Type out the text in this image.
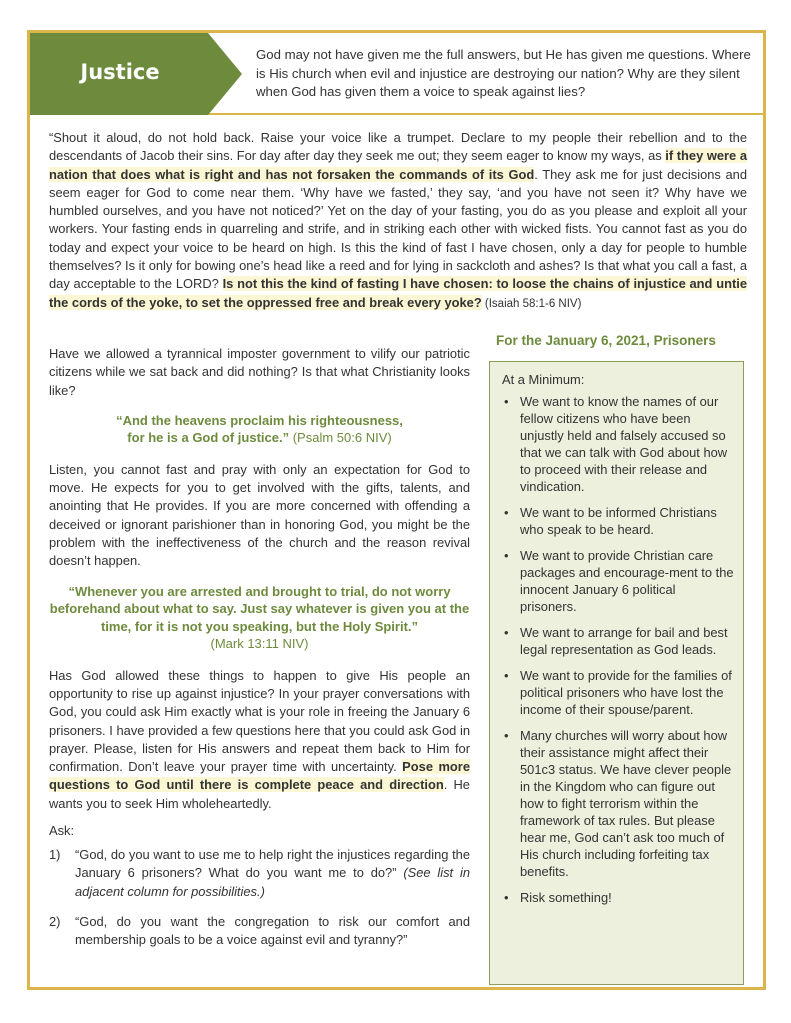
Justice
God may not have given me the full answers, but He has given me questions. Where is His church when evil and injustice are destroying our nation? Why are they silent when God has given them a voice to speak against lies?

“Shout it aloud, do not hold back. Raise your voice like a trumpet. Declare to my people their rebellion and to the descendants of Jacob their sins. For day after day they seek me out; they seem eager to know my ways, as if they were a nation that does what is right and has not forsaken the commands of its God. They ask me for just decisions and seem eager for God to come near them. ‘Why have we fasted,’ they say, ‘and you have not seen it? Why have we humbled ourselves, and you have not noticed?’ Yet on the day of your fasting, you do as you please and exploit all your workers. Your fasting ends in quarreling and strife, and in striking each other with wicked fists. You cannot fast as you do today and expect your voice to be heard on high. Is this the kind of fast I have chosen, only a day for people to humble themselves? Is it only for bowing one’s head like a reed and for lying in sackcloth and ashes? Is that what you call a fast, a day acceptable to the LORD? Is not this the kind of fasting I have chosen: to loose the chains of injustice and untie the cords of the yoke, to set the oppressed free and break every yoke? (Isaiah 58:1-6 NIV)

Have we allowed a tyrannical imposter government to vilify our patriotic citizens while we sat back and did nothing? Is that what Christianity looks like?

“And the heavens proclaim his righteousness,
for he is a God of justice.” (Psalm 50:6 NIV)

Listen, you cannot fast and pray with only an expectation for God to move. He expects for you to get involved with the gifts, talents, and anointing that He provides. If you are more concerned with offending a deceived or ignorant parishioner than in honoring God, you might be the problem with the ineffectiveness of the church and the reason revival doesn’t happen.

“Whenever you are arrested and brought to trial, do not worry beforehand about what to say. Just say whatever is given you at the time, for it is not you speaking, but the Holy Spirit.”
(Mark 13:11 NIV)

Has God allowed these things to happen to give His people an opportunity to rise up against injustice? In your prayer conversations with God, you could ask Him exactly what is your role in freeing the January 6 prisoners. I have provided a few questions here that you could ask God in prayer. Please, listen for His answers and repeat them back to Him for confirmation. Don’t leave your prayer time with uncertainty. Pose more questions to God until there is complete peace and direction. He wants you to seek Him wholeheartedly.

Ask:
1) “God, do you want to use me to help right the injustices regarding the January 6 prisoners? What do you want me to do?” (See list in adjacent column for possibilities.)
2) “God, do you want the congregation to risk our comfort and membership goals to be a voice against evil and tyranny?”
For the January 6, 2021, Prisoners
At a Minimum:
• We want to know the names of our fellow citizens who have been unjustly held and falsely accused so that we can talk with God about how to proceed with their release and vindication.
• We want to be informed Christians who speak to be heard.
• We want to provide Christian care packages and encourage-ment to the innocent January 6 political prisoners.
• We want to arrange for bail and best legal representation as God leads.
• We want to provide for the families of political prisoners who have lost the income of their spouse/parent.
• Many churches will worry about how their assistance might affect their 501c3 status. We have clever people in the Kingdom who can figure out how to fight terrorism within the framework of tax rules. But please hear me, God can’t ask too much of His church including forfeiting tax benefits.
• Risk something!
